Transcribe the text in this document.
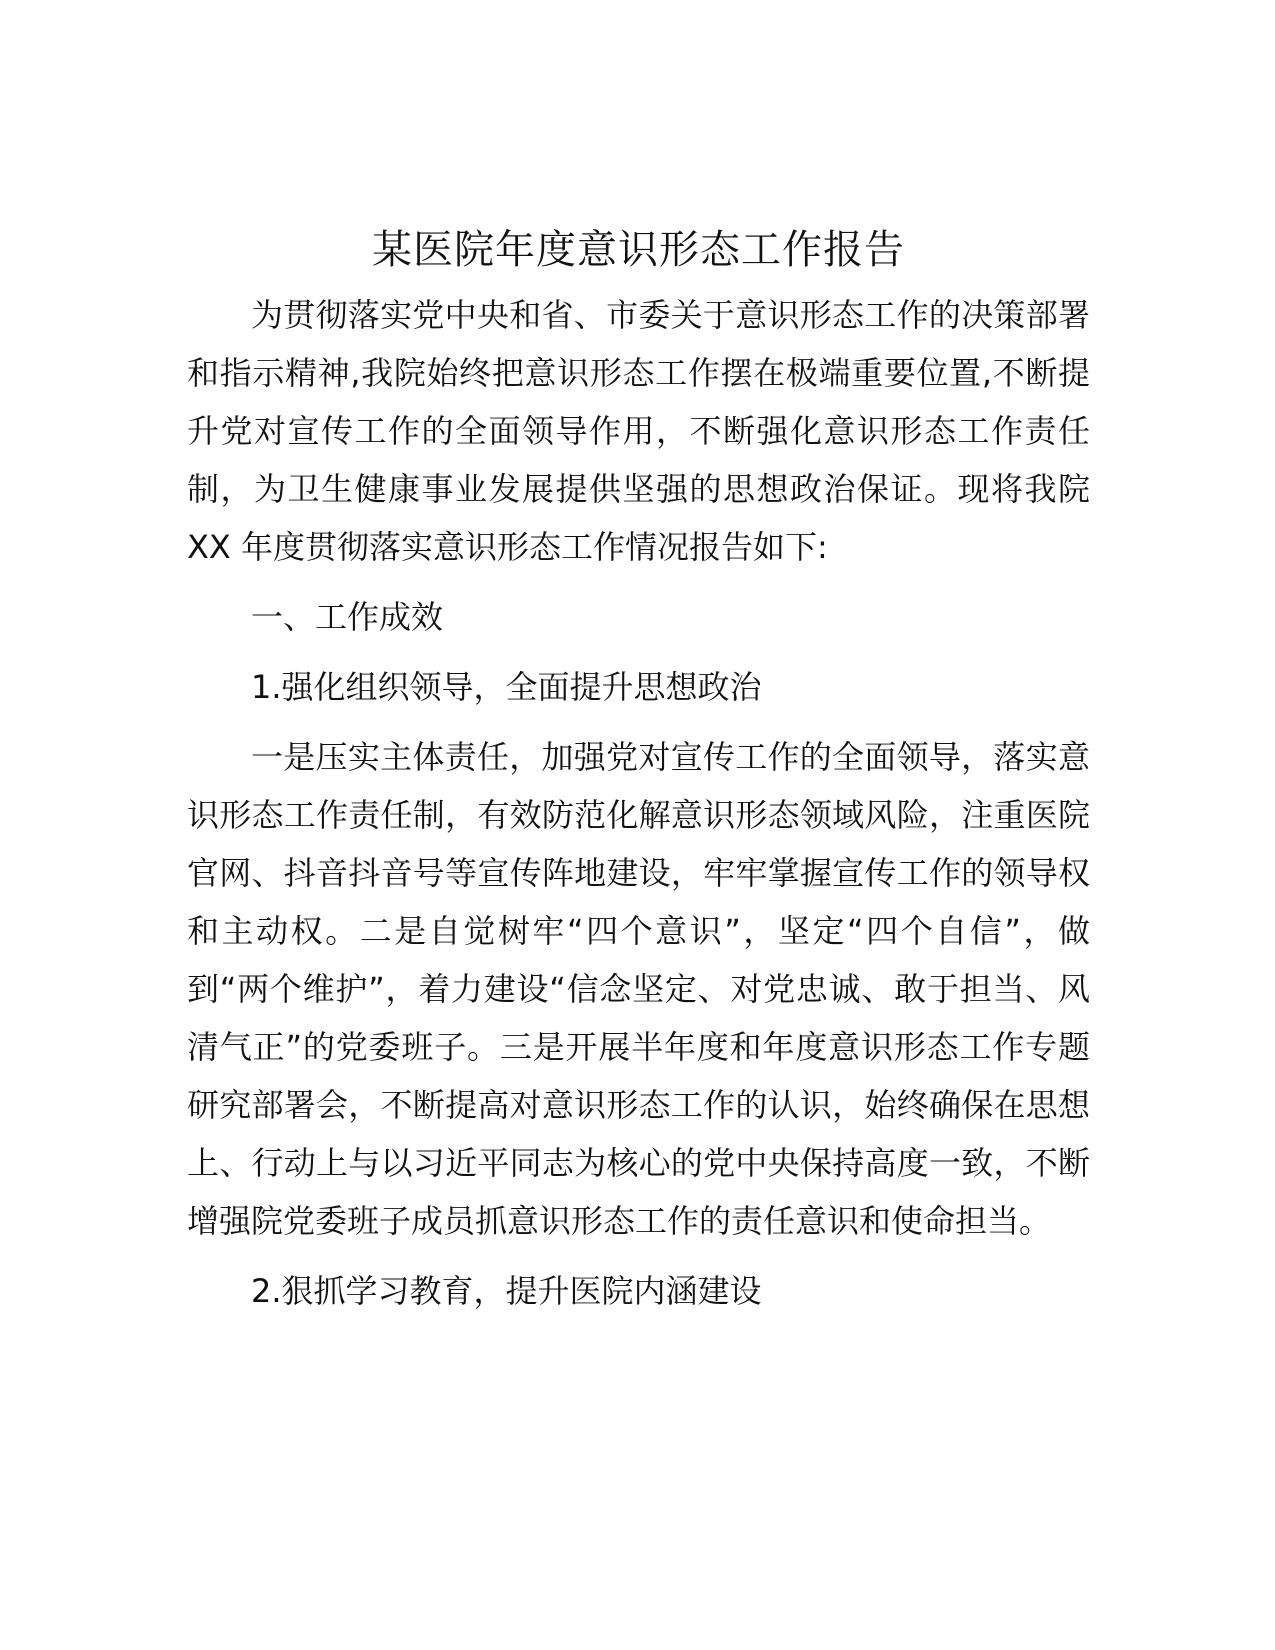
某医院年度意识形态工作报告

为贯彻落实党中央和省、市委关于意识形态工作的决策部署和指示精神,我院始终把意识形态工作摆在极端重要位置,不断提升党对宣传工作的全面领导作用，不断强化意识形态工作责任制，为卫生健康事业发展提供坚强的思想政治保证。现将我院 XX 年度贯彻落实意识形态工作情况报告如下:

一、工作成效

1.强化组织领导，全面提升思想政治

一是压实主体责任，加强党对宣传工作的全面领导，落实意识形态工作责任制，有效防范化解意识形态领域风险，注重医院官网、抖音抖音号等宣传阵地建设，牢牢掌握宣传工作的领导权和主动权。二是自觉树牢“四个意识”，坚定“四个自信”，做到“两个维护”，着力建设“信念坚定、对党忠诚、敢于担当、风清气正”的党委班子。三是开展半年度和年度意识形态工作专题研究部署会，不断提高对意识形态工作的认识，始终确保在思想上、行动上与以习近平同志为核心的党中央保持高度一致，不断增强院党委班子成员抓意识形态工作的责任意识和使命担当。

2.狠抓学习教育，提升医院内涵建设
